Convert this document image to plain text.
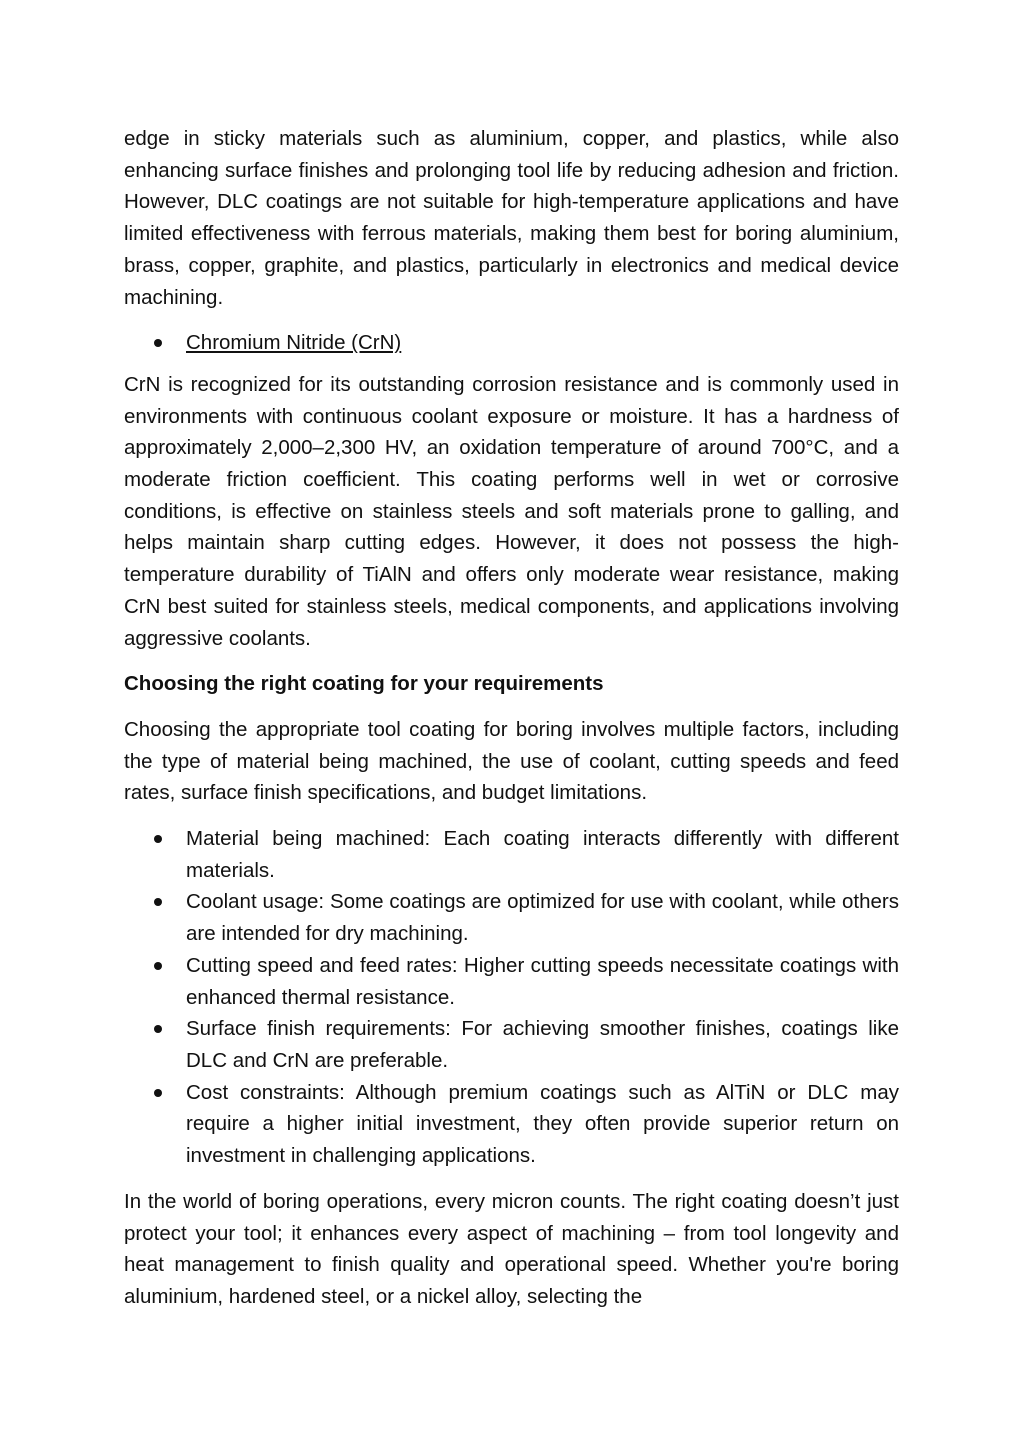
edge in sticky materials such as aluminium, copper, and plastics, while also enhancing surface finishes and prolonging tool life by reducing adhesion and friction. However, DLC coatings are not suitable for high-temperature applications and have limited effectiveness with ferrous materials, making them best for boring aluminium, brass, copper, graphite, and plastics, particularly in electronics and medical device machining.

Chromium Nitride (CrN)

CrN is recognized for its outstanding corrosion resistance and is commonly used in environments with continuous coolant exposure or moisture. It has a hardness of approximately 2,000–2,300 HV, an oxidation temperature of around 700°C, and a moderate friction coefficient. This coating performs well in wet or corrosive conditions, is effective on stainless steels and soft materials prone to galling, and helps maintain sharp cutting edges. However, it does not possess the high-temperature durability of TiAlN and offers only moderate wear resistance, making CrN best suited for stainless steels, medical components, and applications involving aggressive coolants.

Choosing the right coating for your requirements

Choosing the appropriate tool coating for boring involves multiple factors, including the type of material being machined, the use of coolant, cutting speeds and feed rates, surface finish specifications, and budget limitations.

Material being machined: Each coating interacts differently with different materials.
Coolant usage: Some coatings are optimized for use with coolant, while others are intended for dry machining.
Cutting speed and feed rates: Higher cutting speeds necessitate coatings with enhanced thermal resistance.
Surface finish requirements: For achieving smoother finishes, coatings like DLC and CrN are preferable.
Cost constraints: Although premium coatings such as AlTiN or DLC may require a higher initial investment, they often provide superior return on investment in challenging applications.

In the world of boring operations, every micron counts. The right coating doesn’t just protect your tool; it enhances every aspect of machining – from tool longevity and heat management to finish quality and operational speed. Whether you're boring aluminium, hardened steel, or a nickel alloy, selecting the
